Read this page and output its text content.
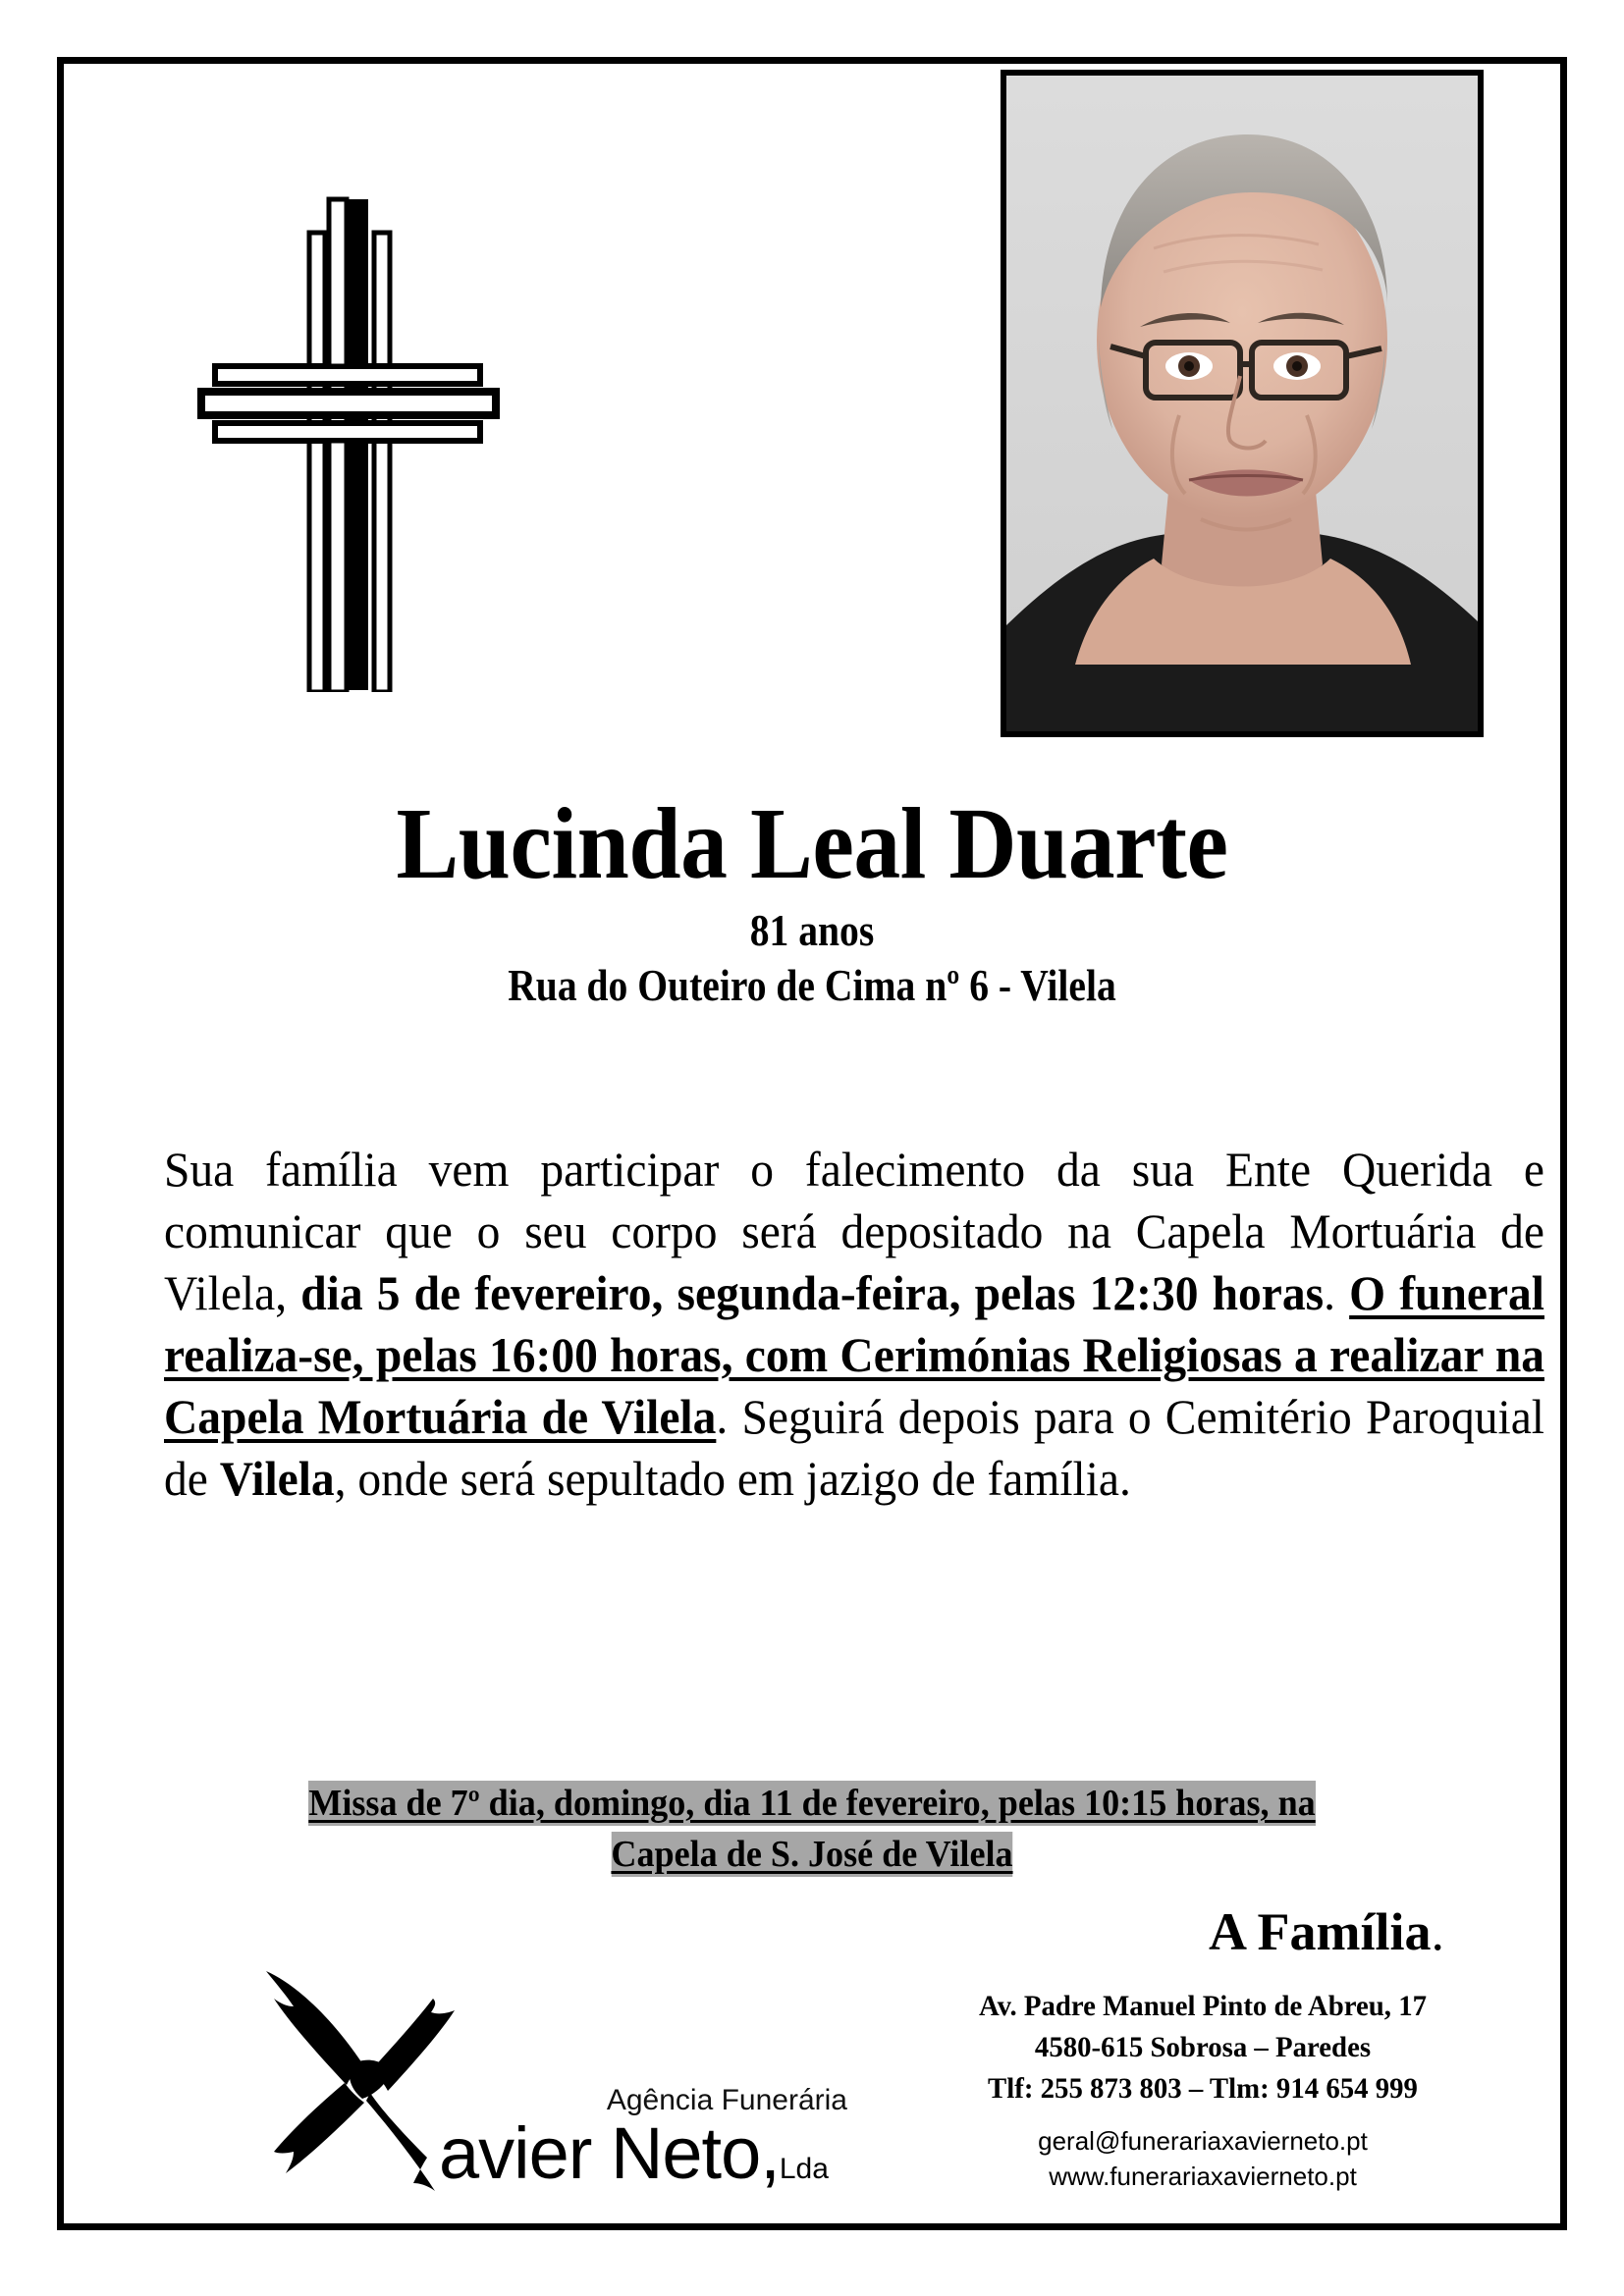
Lucinda Leal Duarte
81 anos
Rua do Outeiro de Cima nº 6 - Vilela
Sua família vem participar o falecimento da sua Ente Querida e comunicar que o seu corpo será depositado na Capela Mortuária de Vilela, dia 5 de fevereiro, segunda-feira, pelas 12:30 horas. O funeral realiza-se, pelas 16:00 horas, com Cerimónias Religiosas a realizar na Capela Mortuária de Vilela. Seguirá depois para o Cemitério Paroquial de Vilela, onde será sepultado em jazigo de família.
Missa de 7º dia, domingo, dia 11 de fevereiro, pelas 10:15 horas, na
Capela de S. José de Vilela
A Família.
Agência Funerária
avier Neto,Lda
Av. Padre Manuel Pinto de Abreu, 17
4580-615 Sobrosa – Paredes
Tlf: 255 873 803 – Tlm: 914 654 999
geral@funerariaxavierneto.pt
www.funerariaxavierneto.pt
